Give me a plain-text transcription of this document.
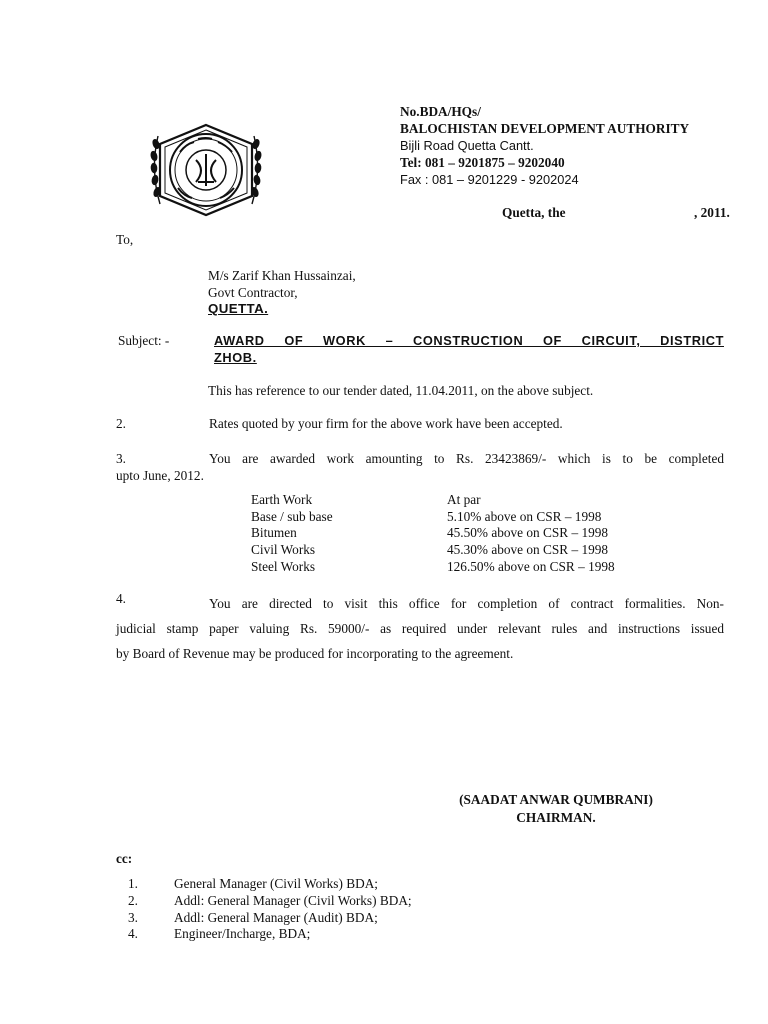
No.BDA/HQs/
BALOCHISTAN DEVELOPMENT AUTHORITY
Bijli Road Quetta Cantt.
Tel: 081 – 9201875 – 9202040
Fax : 081 – 9201229 - 9202024
Quetta, the	, 2011.
To,
M/s Zarif Khan Hussainzai,
Govt Contractor,
QUETTA.
Subject: -	AWARD OF WORK – CONSTRUCTION OF CIRCUIT, DISTRICT
ZHOB.
This has reference to our tender dated, 11.04.2011, on the above subject.
2.	Rates quoted by your firm for the above work have been accepted.
3.	You are awarded work amounting to Rs. 23423869/- which is to be completed
upto June, 2012.
Earth Work	At par
Base / sub base	5.10% above on CSR – 1998
Bitumen	45.50% above on CSR – 1998
Civil Works	45.30% above on CSR – 1998
Steel Works	126.50% above on CSR – 1998
4.	You are directed to visit this office for completion of contract formalities. Non-
judicial stamp paper valuing Rs. 59000/- as required under relevant rules and instructions issued
by Board of Revenue may be produced for incorporating to the agreement.
(SAADAT ANWAR QUMBRANI)
CHAIRMAN.
cc:
1.	General Manager (Civil Works) BDA;
2.	Addl: General Manager (Civil Works) BDA;
3.	Addl: General Manager (Audit) BDA;
4.	Engineer/Incharge, BDA;
